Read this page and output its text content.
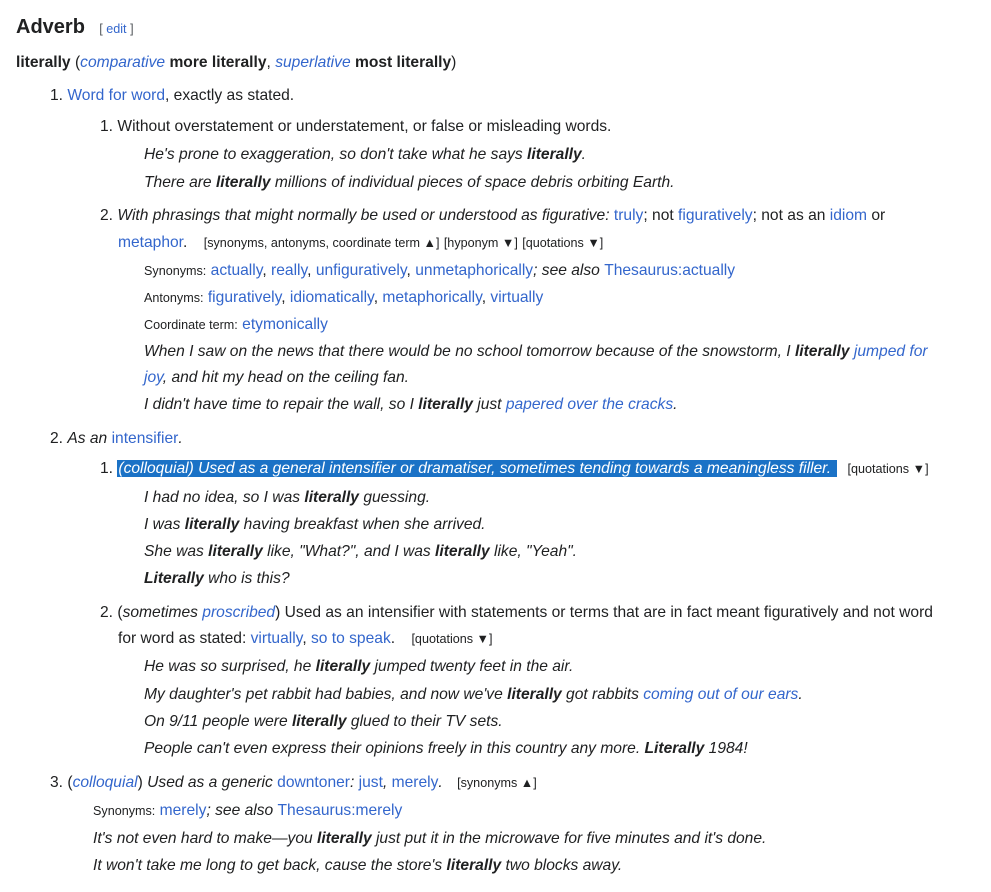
Adverb [ edit ]
literally (comparative more literally, superlative most literally)
1. Word for word, exactly as stated.
1. Without overstatement or understatement, or false or misleading words.
He's prone to exaggeration, so don't take what he says literally.
There are literally millions of individual pieces of space debris orbiting Earth.
2. With phrasings that might normally be used or understood as figurative: truly; not figuratively; not as an idiom or
metaphor. [synonyms, antonyms, coordinate term ▲] [hyponym ▼] [quotations ▼]
Synonyms: actually, really, unfiguratively, unmetaphorically; see also Thesaurus:actually
Antonyms: figuratively, idiomatically, metaphorically, virtually
Coordinate term: etymonically
When I saw on the news that there would be no school tomorrow because of the snowstorm, I literally jumped for
joy, and hit my head on the ceiling fan.
I didn't have time to repair the wall, so I literally just papered over the cracks.
2. As an intensifier.
1. (colloquial) Used as a general intensifier or dramatiser, sometimes tending towards a meaningless filler. [quotations ▼]
I had no idea, so I was literally guessing.
I was literally having breakfast when she arrived.
She was literally like, "What?", and I was literally like, "Yeah".
Literally who is this?
2. (sometimes proscribed) Used as an intensifier with statements or terms that are in fact meant figuratively and not word
for word as stated: virtually, so to speak. [quotations ▼]
He was so surprised, he literally jumped twenty feet in the air.
My daughter's pet rabbit had babies, and now we've literally got rabbits coming out of our ears.
On 9/11 people were literally glued to their TV sets.
People can't even express their opinions freely in this country any more. Literally 1984!
3. (colloquial) Used as a generic downtoner: just, merely. [synonyms ▲]
Synonyms: merely; see also Thesaurus:merely
It's not even hard to make—you literally just put it in the microwave for five minutes and it's done.
It won't take me long to get back, cause the store's literally two blocks away.
